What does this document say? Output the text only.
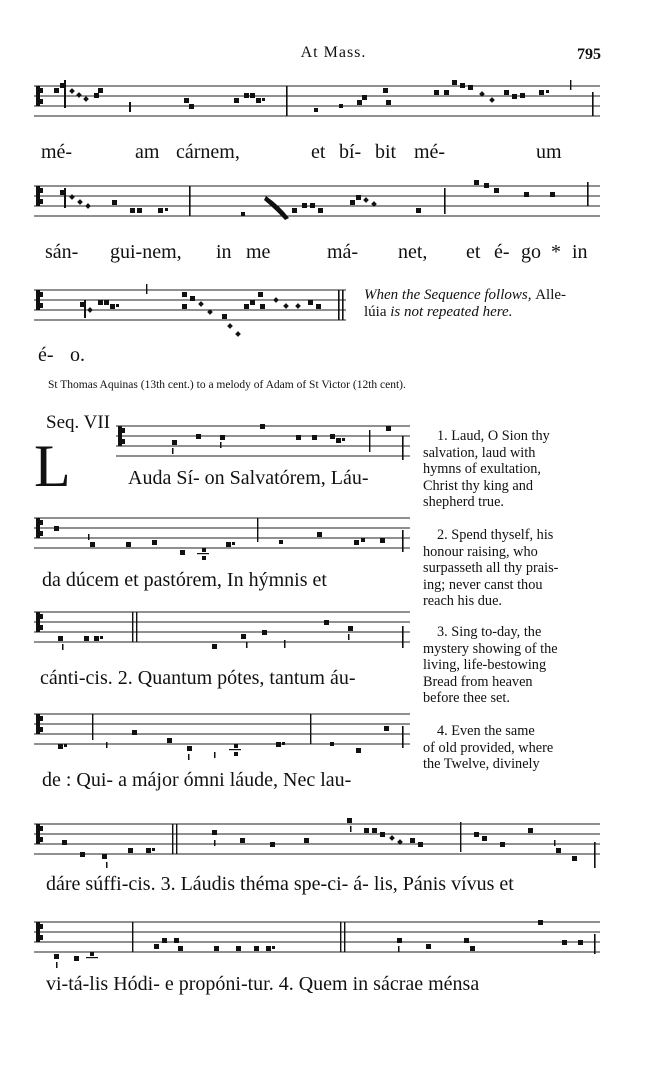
At Mass.	795
mé-	am cárnem,	et bí- bit mé-	um
sán- gui-nem, in me	má- net, et é- go * in
é- o.
When the Sequence follows, Alle-
lúia is not repeated here.
St Thomas Aquinas (13th cent.) to a melody of Adam of St Victor (12th cent).
Seq. VII
L	Auda Sí- on Salvatórem, Láu-
da dúcem et pastórem, In hýmnis et
cánti-cis. 2. Quantum pótes, tantum áu-
de : Qui- a májor ómni láude, Nec lau-
dáre súffi-cis. 3. Láudis théma spe-ci- á- lis, Pánis vívus et
vi-tá-lis Hódi- e propóni-tur. 4. Quem in sácrae ménsa
1. Laud, O Sion thy
salvation, laud with
hymns of exultation,
Christ thy king and
shepherd true.
2. Spend thyself, his
honour raising, who
surpasseth all thy prais-
ing; never canst thou
reach his due.
3. Sing to-day, the
mystery showing of the
living, life-bestowing
Bread from heaven
before thee set.
4. Even the same
of old provided, where
the Twelve, divinely
